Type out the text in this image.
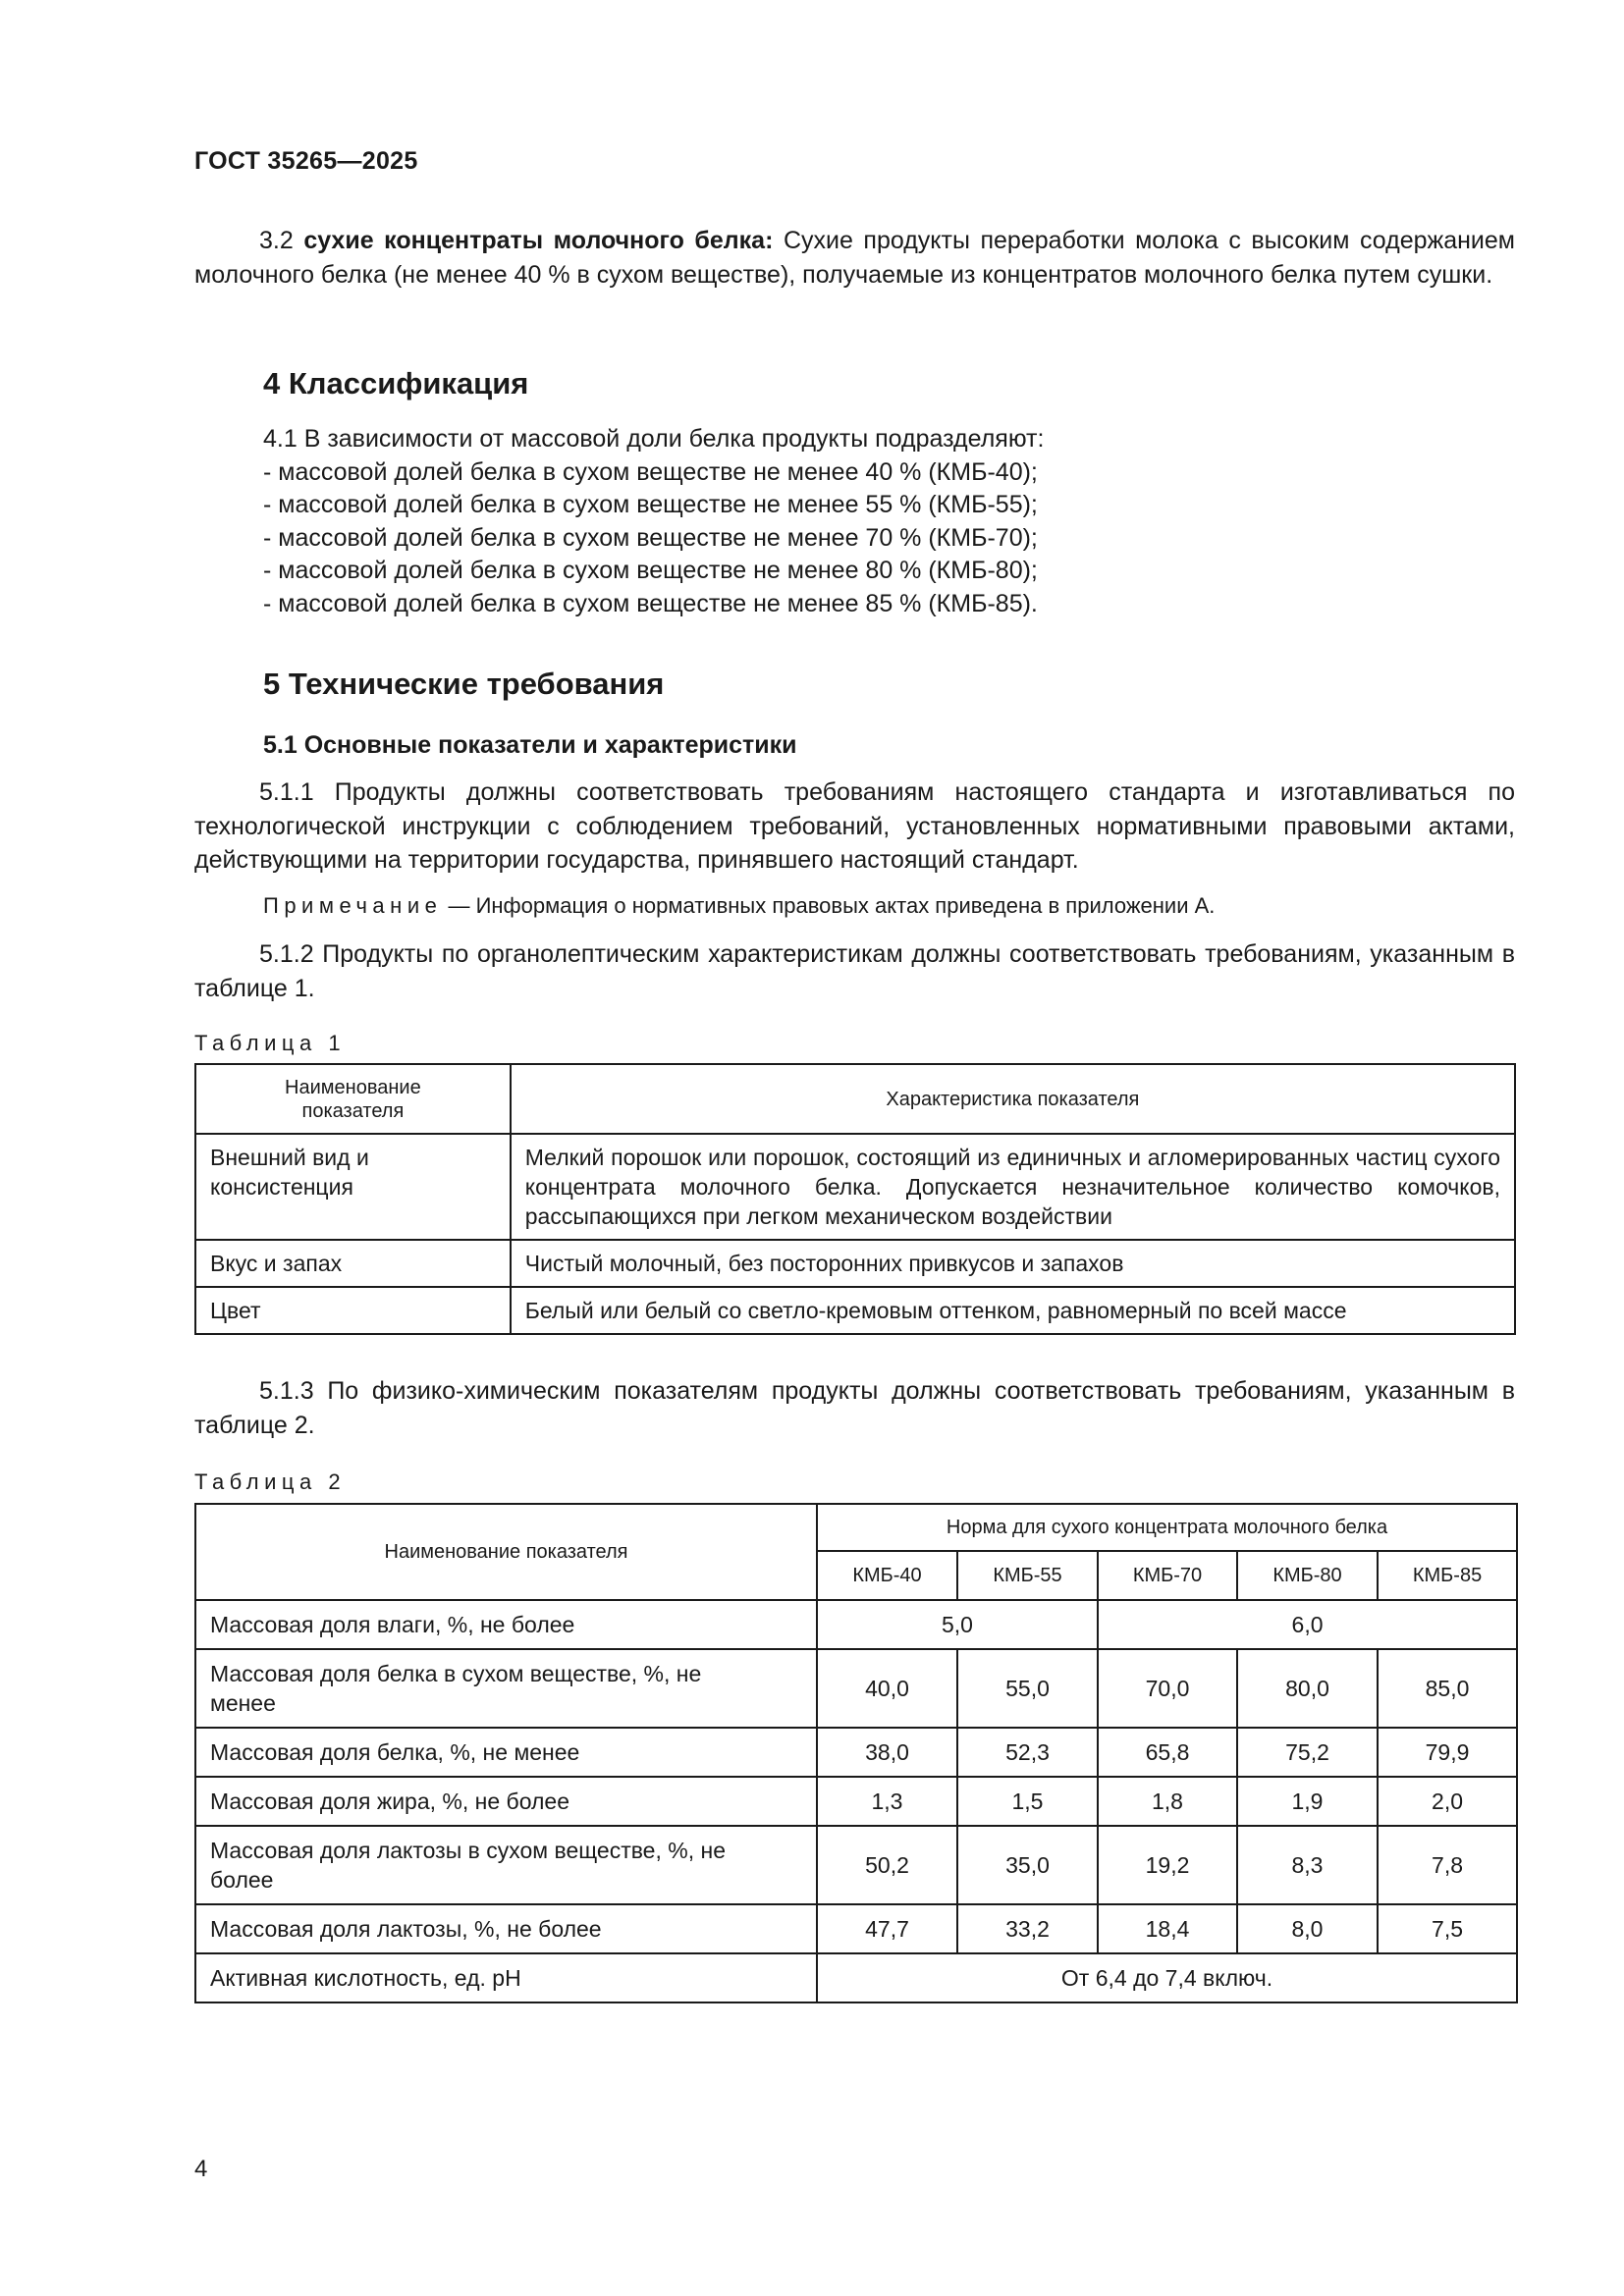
ГОСТ 35265—2025
3.2 сухие концентраты молочного белка: Сухие продукты переработки молока с высоким содержанием молочного белка (не менее 40 % в сухом веществе), получаемые из концентратов молочного белка путем сушки.
4 Классификация
4.1 В зависимости от массовой доли белка продукты подразделяют:
- массовой долей белка в сухом веществе не менее 40 % (КМБ-40);
- массовой долей белка в сухом веществе не менее 55 % (КМБ-55);
- массовой долей белка в сухом веществе не менее 70 % (КМБ-70);
- массовой долей белка в сухом веществе не менее 80 % (КМБ-80);
- массовой долей белка в сухом веществе не менее 85 % (КМБ-85).
5 Технические требования
5.1 Основные показатели и характеристики
5.1.1 Продукты должны соответствовать требованиям настоящего стандарта и изготавливаться по технологической инструкции с соблюдением требований, установленных нормативными правовыми актами, действующими на территории государства, принявшего настоящий стандарт.
Примечание — Информация о нормативных правовых актах приведена в приложении А.
5.1.2 Продукты по органолептическим характеристикам должны соответствовать требованиям, указанным в таблице 1.
Таблица 1
Наименование показателя	Характеристика показателя
Внешний вид и консистенция	Мелкий порошок или порошок, состоящий из единичных и агломерированных частиц сухого концентрата молочного белка. Допускается незначительное количество комочков, рассыпающихся при легком механическом воздействии
Вкус и запах	Чистый молочный, без посторонних привкусов и запахов
Цвет	Белый или белый со светло-кремовым оттенком, равномерный по всей массе
5.1.3 По физико-химическим показателям продукты должны соответствовать требованиям, указанным в таблице 2.
Таблица 2
Наименование показателя	Норма для сухого концентрата молочного белка				
	КМБ-40	КМБ-55	КМБ-70	КМБ-80	КМБ-85
Массовая доля влаги, %, не более	5,0		6,0		
Массовая доля белка в сухом веществе, %, не менее	40,0	55,0	70,0	80,0	85,0
Массовая доля белка, %, не менее	38,0	52,3	65,8	75,2	79,9
Массовая доля жира, %, не более	1,3	1,5	1,8	1,9	2,0
Массовая доля лактозы в сухом веществе, %, не более	50,2	35,0	19,2	8,3	7,8
Массовая доля лактозы, %, не более	47,7	33,2	18,4	8,0	7,5
Активная кислотность, ед. pH	От 6,4 до 7,4 включ.				
4
